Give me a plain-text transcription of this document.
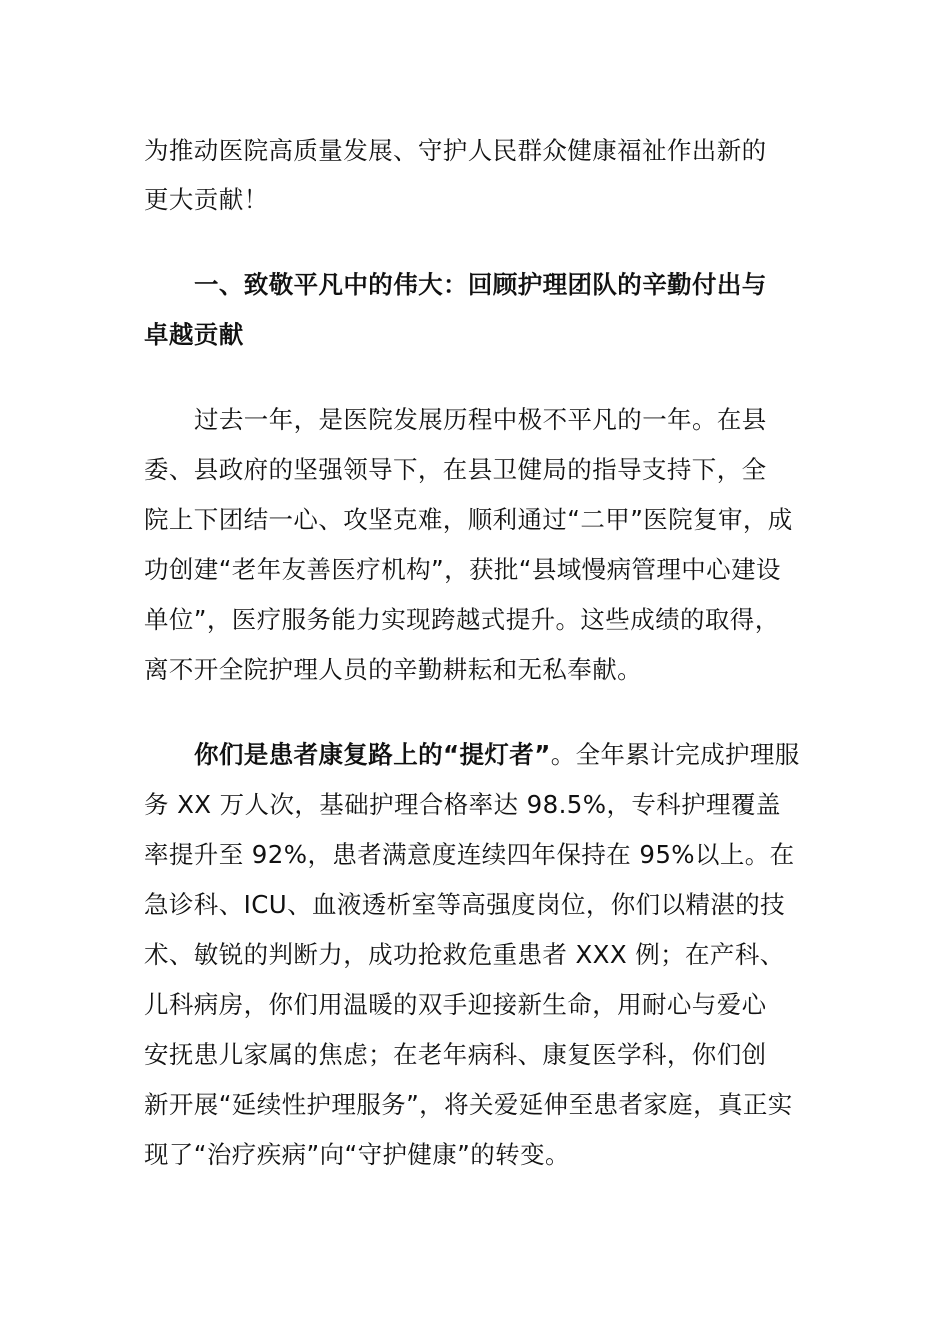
为推动医院高质量发展、守护人民群众健康福祉作出新的
更大贡献！
一、致敬平凡中的伟大：回顾护理团队的辛勤付出与
卓越贡献
过去一年，是医院发展历程中极不平凡的一年。在县
委、县政府的坚强领导下，在县卫健局的指导支持下，全
院上下团结一心、攻坚克难，顺利通过“二甲”医院复审，成
功创建“老年友善医疗机构”，获批“县域慢病管理中心建设
单位”，医疗服务能力实现跨越式提升。这些成绩的取得，
离不开全院护理人员的辛勤耕耘和无私奉献。
你们是患者康复路上的“提灯者”。全年累计完成护理服
务 XX 万人次，基础护理合格率达 98.5%，专科护理覆盖
率提升至 92%，患者满意度连续四年保持在 95%以上。在
急诊科、ICU、血液透析室等高强度岗位，你们以精湛的技
术、敏锐的判断力，成功抢救危重患者 XXX 例；在产科、
儿科病房，你们用温暖的双手迎接新生命，用耐心与爱心
安抚患儿家属的焦虑；在老年病科、康复医学科，你们创
新开展“延续性护理服务”，将关爱延伸至患者家庭，真正实
现了“治疗疾病”向“守护健康”的转变。
